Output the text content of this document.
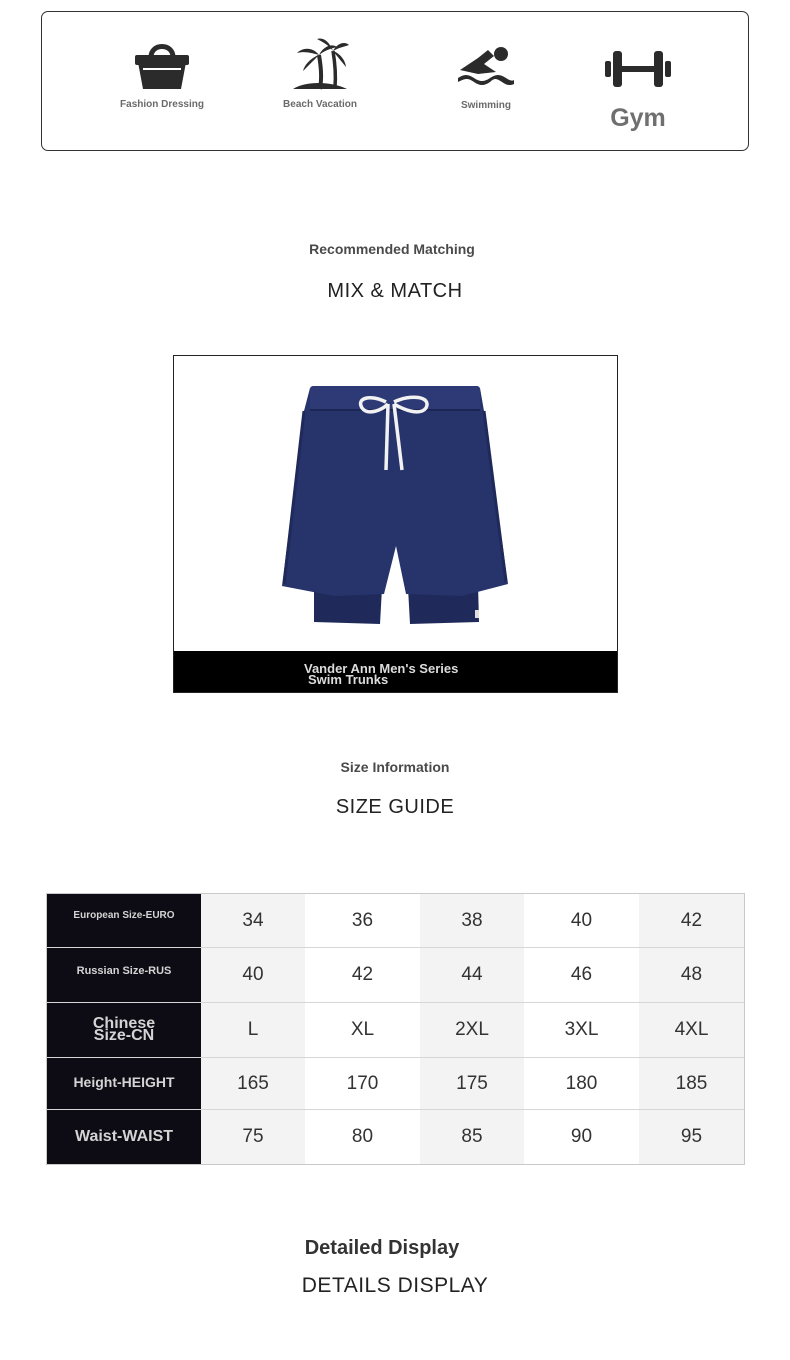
Fashion Dressing	Beach Vacation	Swimming	Gym
Recommended Matching
MIX & MATCH
Vander Ann Men's Series
Swim Trunks
Size Information
SIZE GUIDE
European Size-EURO	34	36	38	40	42
Russian Size-RUS	40	42	44	46	48
Chinese Size-CN	L	XL	2XL	3XL	4XL
Height-HEIGHT	165	170	175	180	185
Waist-WAIST	75	80	85	90	95
Detailed Display
DETAILS DISPLAY
